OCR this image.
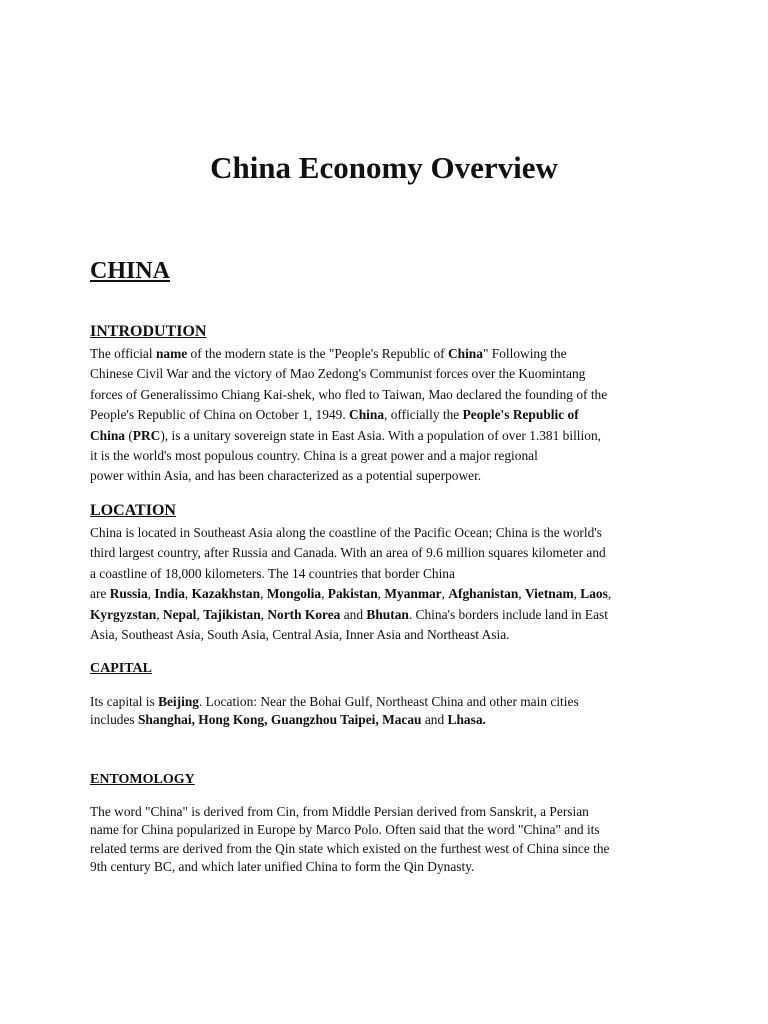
China Economy Overview
CHINA
INTRODUTION

The official name of the modern state is the "People's Republic of China" Following the
Chinese Civil War and the victory of Mao Zedong's Communist forces over the Kuomintang
forces of Generalissimo Chiang Kai-shek, who fled to Taiwan, Mao declared the founding of the
People's Republic of China on October 1, 1949. China, officially the People's Republic of
China (PRC), is a unitary sovereign state in East Asia. With a population of over 1.381 billion,
it is the world's most populous country. China is a great power and a major regional
power within Asia, and has been characterized as a potential superpower.

LOCATION

China is located in Southeast Asia along the coastline of the Pacific Ocean; China is the world's
third largest country, after Russia and Canada. With an area of 9.6 million squares kilometer and
a coastline of 18,000 kilometers. The 14 countries that border China
are Russia, India, Kazakhstan, Mongolia, Pakistan, Myanmar, Afghanistan, Vietnam, Laos,
Kyrgyzstan, Nepal, Tajikistan, North Korea and Bhutan. China's borders include land in East
Asia, Southeast Asia, South Asia, Central Asia, Inner Asia and Northeast Asia.

CAPITAL

Its capital is Beijing. Location: Near the Bohai Gulf, Northeast China and other main cities
includes Shanghai, Hong Kong, Guangzhou Taipei, Macau and Lhasa.

ENTOMOLOGY

The word "China" is derived from Cin, from Middle Persian derived from Sanskrit, a Persian
name for China popularized in Europe by Marco Polo. Often said that the word "China" and its
related terms are derived from the Qin state which existed on the furthest west of China since the
9th century BC, and which later unified China to form the Qin Dynasty.
